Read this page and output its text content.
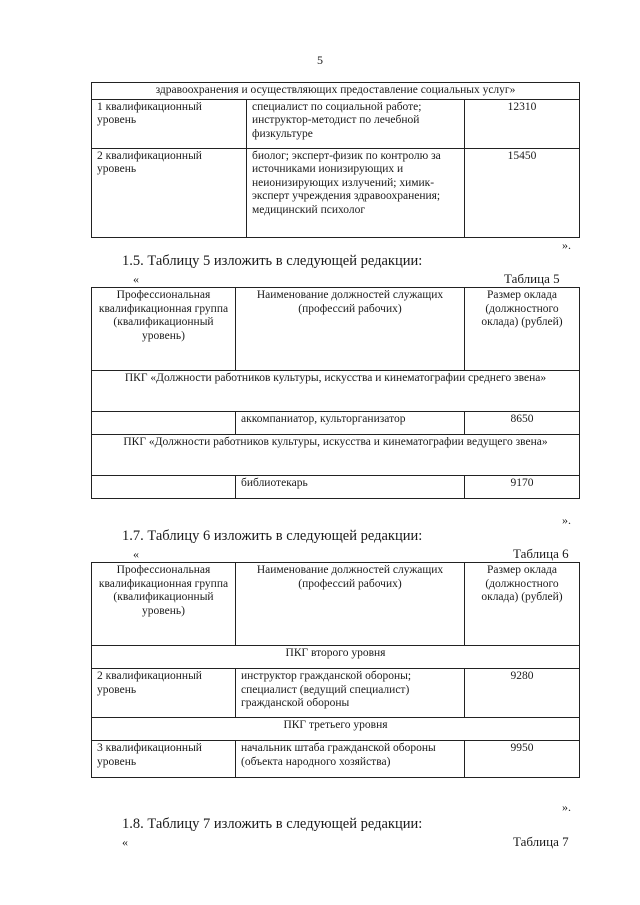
5
здравоохранения и осуществляющих предоставление социальных услуг»		
1 квалификационный уровень	специалист по социальной работе; инструктор-методист по лечебной физкультуре	12310
2 квалификационный уровень	биолог; эксперт-физик по контролю за источниками ионизирующих и неионизирующих излучений; химик-эксперт учреждения здравоохранения; медицинский психолог	15450
».
1.5. Таблицу 5 изложить в следующей редакции:
«	Таблица 5
Профессиональная квалификационная группа (квалификационный уровень)	Наименование должностей служащих (профессий рабочих)	Размер оклада (должностного оклада) (рублей)
ПКГ «Должности работников культуры, искусства и кинематографии среднего звена»		
	аккомпаниатор, культорганизатор	8650
ПКГ «Должности работников культуры, искусства и кинематографии ведущего звена»		
	библиотекарь	9170
».
1.7. Таблицу 6 изложить в следующей редакции:
«	Таблица 6
Профессиональная квалификационная группа (квалификационный уровень)	Наименование должностей служащих (профессий рабочих)	Размер оклада (должностного оклада) (рублей)
ПКГ второго уровня		
2 квалификационный уровень	инструктор гражданской обороны; специалист (ведущий специалист) гражданской обороны	9280
ПКГ третьего уровня		
3 квалификационный уровень	начальник штаба гражданской обороны (объекта народного хозяйства)	9950
».
1.8. Таблицу 7 изложить в следующей редакции:
«	Таблица 7
